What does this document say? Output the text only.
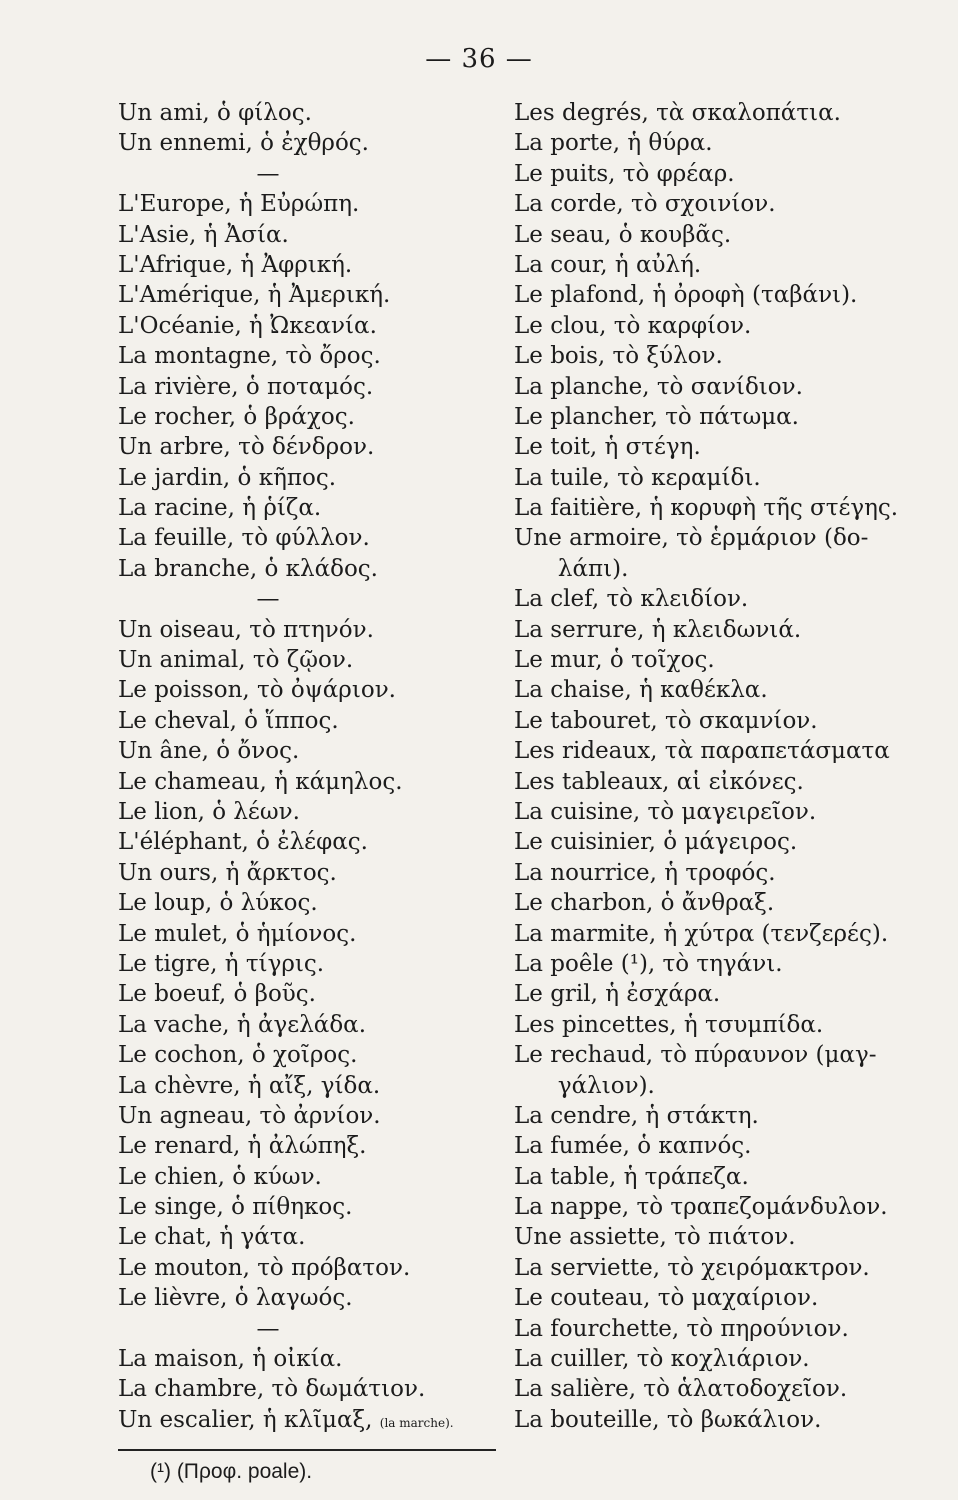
— 36 —
Un ami, ὁ φίλος.
Un ennemi, ὁ ἐχθρός.
—
L'Europe, ἡ Εὐρώπη.
L'Asie, ἡ Ἀσία.
L'Afrique, ἡ Ἀφρική.
L'Amérique, ἡ Ἀμερική.
L'Océanie, ἡ Ὠκεανία.
La montagne, τὸ ὄρος.
La rivière, ὁ ποταμός.
Le rocher, ὁ βράχος.
Un arbre, τὸ δένδρον.
Le jardin, ὁ κῆπος.
La racine, ἡ ῥίζα.
La feuille, τὸ φύλλον.
La branche, ὁ κλάδος.
—
Un oiseau, τὸ πτηνόν.
Un animal, τὸ ζῷον.
Le poisson, τὸ ὀψάριον.
Le cheval, ὁ ἵππος.
Un âne, ὁ ὄνος.
Le chameau, ἡ κάμηλος.
Le lion, ὁ λέων.
L'éléphant, ὁ ἐλέφας.
Un ours, ἡ ἄρκτος.
Le loup, ὁ λύκος.
Le mulet, ὁ ἡμίονος.
Le tigre, ἡ τίγρις.
Le boeuf, ὁ βοῦς.
La vache, ἡ ἀγελάδα.
Le cochon, ὁ χοῖρος.
La chèvre, ἡ αἴξ, γίδα.
Un agneau, τὸ ἀρνίον.
Le renard, ἡ ἀλώπηξ.
Le chien, ὁ κύων.
Le singe, ὁ πίθηκος.
Le chat, ἡ γάτα.
Le mouton, τὸ πρόβατον.
Le lièvre, ὁ λαγωός.
—
La maison, ἡ οἰκία.
La chambre, τὸ δωμάτιον.
Un escalier, ἡ κλῖμαξ, (la marche).
Les degrés, τὰ σκαλοπάτια.
La porte, ἡ θύρα.
Le puits, τὸ φρέαρ.
La corde, τὸ σχοινίον.
Le seau, ὁ κουβᾶς.
La cour, ἡ αὐλή.
Le plafond, ἡ ὀροφὴ (ταβάνι).
Le clou, τὸ καρφίον.
Le bois, τὸ ξύλον.
La planche, τὸ σανίδιον.
Le plancher, τὸ πάτωμα.
Le toit, ἡ στέγη.
La tuile, τὸ κεραμίδι.
La faitière, ἡ κορυφὴ τῆς στέγης.
Une armoire, τὸ ἑρμάριον (δο-
λάπι).
La clef, τὸ κλειδίον.
La serrure, ἡ κλειδωνιά.
Le mur, ὁ τοῖχος.
La chaise, ἡ καθέκλα.
Le tabouret, τὸ σκαμνίον.
Les rideaux, τὰ παραπετάσματα
Les tableaux, αἱ εἰκόνες.
La cuisine, τὸ μαγειρεῖον.
Le cuisinier, ὁ μάγειρος.
La nourrice, ἡ τροφός.
Le charbon, ὁ ἄνθραξ.
La marmite, ἡ χύτρα (τενζερές).
La poêle (¹), τὸ τηγάνι.
Le gril, ἡ ἐσχάρα.
Les pincettes, ἡ τσυμπίδα.
Le rechaud, τὸ πύραυνον (μαγ-
γάλιον).
La cendre, ἡ στάκτη.
La fumée, ὁ καπνός.
La table, ἡ τράπεζα.
La nappe, τὸ τραπεζομάνδυλον.
Une assiette, τὸ πιάτον.
La serviette, τὸ χειρόμακτρον.
Le couteau, τὸ μαχαίριον.
La fourchette, τὸ πηρούνιον.
La cuiller, τὸ κοχλιάριον.
La salière, τὸ ἁλατοδοχεῖον.
La bouteille, τὸ βωκάλιον.
(¹) (Προφ. poale).
